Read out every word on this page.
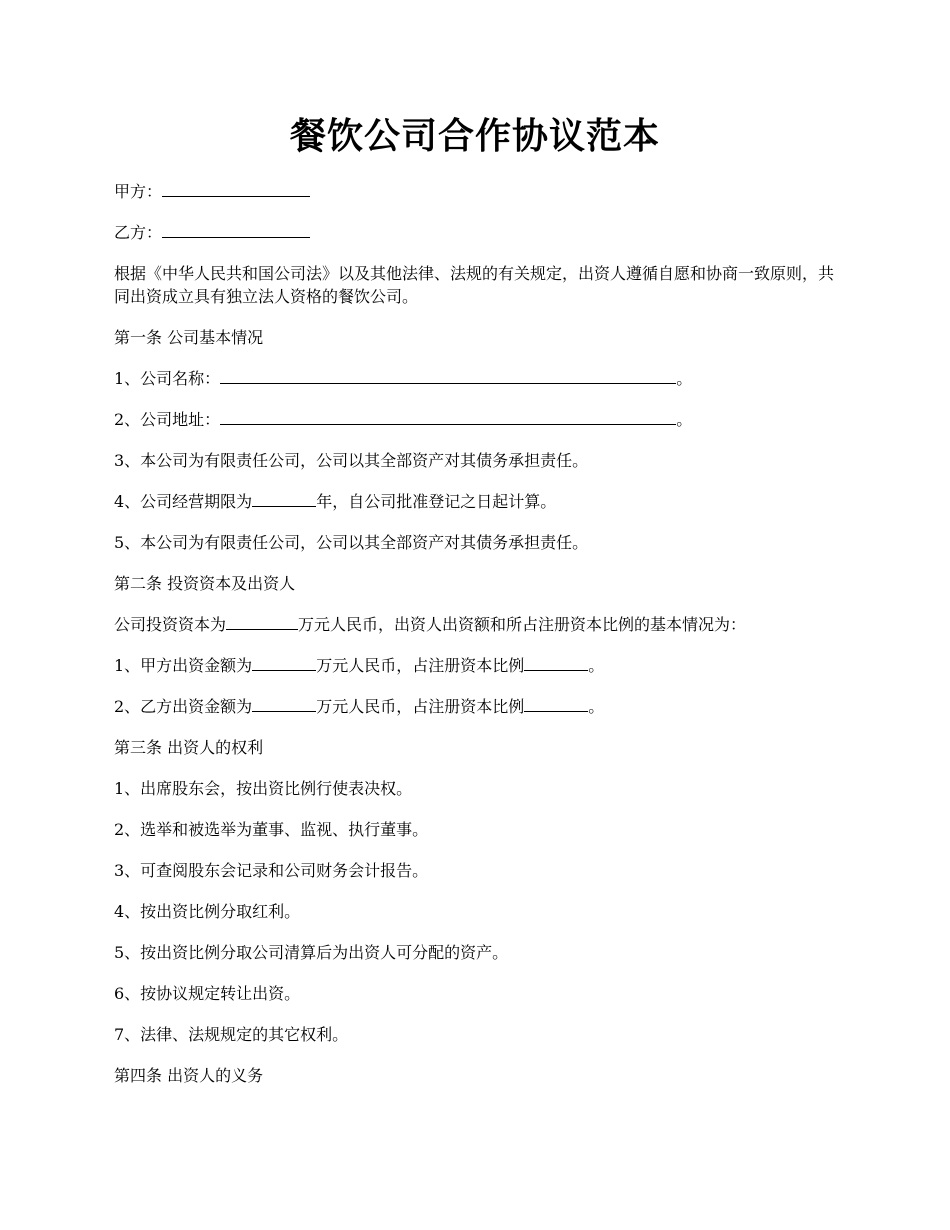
餐饮公司合作协议范本

甲方：

乙方：

根据《中华人民共和国公司法》以及其他法律、法规的有关规定，出资人遵循自愿和协商一致原则，共同出资成立具有独立法人资格的餐饮公司。

第一条 公司基本情况

1、公司名称：	。

2、公司地址：	。

3、本公司为有限责任公司，公司以其全部资产对其债务承担责任。

4、公司经营期限为	年，自公司批准登记之日起计算。

5、本公司为有限责任公司，公司以其全部资产对其债务承担责任。

第二条 投资资本及出资人

公司投资资本为	万元人民币，出资人出资额和所占注册资本比例的基本情况为：

1、甲方出资金额为	万元人民币，占注册资本比例	。

2、乙方出资金额为	万元人民币，占注册资本比例	。

第三条 出资人的权利

1、出席股东会，按出资比例行使表决权。

2、选举和被选举为董事、监视、执行董事。

3、可查阅股东会记录和公司财务会计报告。

4、按出资比例分取红利。

5、按出资比例分取公司清算后为出资人可分配的资产。

6、按协议规定转让出资。

7、法律、法规规定的其它权利。

第四条 出资人的义务
